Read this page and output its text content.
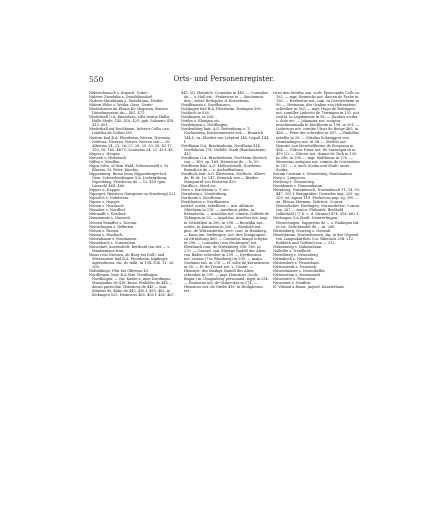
550	Orts- und Personenregister.

Niderschonach s. Kunach, Unter-.

Niderer Zwiefalta s. Zwiefaltendorf.

Nydern-Steinbrunn s. Steinbrunn, Nieder.

Nidern Wiler s. Weiler, Oase, Unter-.

Niederbrunn im Elsass Kr. Hagenau, Bursen. Dieselmaussen de— 461. 471.

Niederhall O.A. Künzelsau, villa Irratio Hallis, Halle Strife. 145. 418. 425. gab. Salzaurc 418. 415. 601.

Niederhall auf Rechbaum, Inferior Cellis can. Libritha de Gothio 503.

Niefern bad B.A. Pforzheim, Nivren, Nivernia, Nehlosa, Niveren, Neiver. Nerron can — 26. Albertus 24, 25, 26, 27, 28. 29. 30. 28, 43 17, 150. 16. 160. 467 f. Conradus 24, 25. 43 f. 48.

Nieper s. Neuper.

Niessen s. Hirtzbach.

Niffen s. Neuffen.

Nigra Silva, of dem Wald, Schwarzwald s. St. Blasien, St. Peter, Kniebis.

Nippenburg, Burse beim Nippenburger-hof, Gem. Schwieberdingen O.A. Ludwigsburg. Nipenburg, Friedricus de — 12. 418 (gen. Lamech) 464. 466.

Nipper s. Nepper.

Nipseger, Henricus (burgensis in Strasburg) 521.

Nipselch s. Nofelstein.

Nipser s. Nepper.

Nissen s. Nussbach.

Nissaher s. Nordhof.

Nimmaflt s. Nordsee.

Niemmwatt s. Nunweil.

Nessen Sanaffer s. Noeum.

Nieverlingen s. Nifferten.

Nissen s. Nissen.

Nissen s. Nissbach.

Nissenbaum s. Neuhausen.

Nissenbach s. Nonnestein.

Niessstatt, unermittelt. Berthold von der — s. Mindermann frau.

Nisas (von Niessen, ob Burg bei Döll), and Wiesenstein bad B.A. Pforzheim, Kipfinger Agriculturus. dic. de milit. in 154. 504. 11. 26. 306.

Nidhildinge, Ffar bei Offersen 43.

Nördlingen, bair. B.A.Stat. Nordlingen, Nordlingen. — chr. Kadre a. mier Kreifingas. Marquadus de 418. Kuno, Rudolfus de 445 — decan parrochie. Heinricus de 445 — min. Sibritus ds. Kuko de 445. 456 f. 459. 465. in Eickingen 525. Heinricus 465. 456 f. 455. 467.

445. (6). Heinrich, Ccuradus in 445. — Conradus de — s. Hall etc.; Fridericus ie — Sinctemnis dric.; miser Heliopolis d. Rosenheim.

Nordhausen s. Nordhausen.

Nottingen bad B.A. Pforzheim, Netingen 596.

Nottloch in 538.

Nordingen, in 538.

Noehn o. Ehingen etc.

Nordeingen s. Nördlingen.

Nordenberg bair. A.G. Rottenburg a. T., Norbinberg. Kirchenmeister von — Heinrich 144 f.; ux. Eberlet von Lörprud 144. Lüpolt 144 f.

Nordhaim O.A. Brackenheim, Nordheim 414. Nortlsheim 174. Vorbild. Stadt (Brackenheim) 415.

Nordheim O.A. Brackenheim, Northeim Dietrich von — 169. ep. 169. Heinricus de — ls. 59.

Nordheim bair. A.G. Mellrichstadt, Northeim. Benedicte de — s. Aschaffenburg.

Nordholz bair. A.G. Illertissen, Northolz. Albert de, Et dr. 1a. 147. Heinrich von — Bruder. Marquartd von Erolstein 420.

Nordlin s. Mord etc.

Nore s. Kirchheim u. T. etc.

Norinberg s. Nordenburg.

Northeim s. Nordheim.

Norttlassen s. Nordhausen.

notaril, scribe, tabellions — mit. albim in Ofenheim in 276. — Anselmus plebn. in Bebenheim. — Arnoldus not. comitis Gotfridi de Tübingen in 92. — Arnoldus, Arnoltus not. imp. in Zwiefalten in 280. in 298. — Beneldia not., scribe, in Kamiertia in 206. — Berthold not. pinc. de Wittenstetten, rect. cont. in Hamberg. — Kuno um. Surburgen, not. due Dompropste zu Strassburg 469. — Conradus Imaga scriptor in 296. — Conradus (von Neckingen) not. Eberhardi com. de Wirtenberg 508. 565. in 270. — Conrad, can. Marage Rudolf des Alten von Baden schreiber in 299. — Dyethermus not. civium (? in Würzburg) in 299. — magn. Gerlanos not. in 276. — H. solte de Kernenstein in 90. — H. de Treuer not. s. Chonn. — Heinrich, des Markgr. Rudolf des Alten, schreiber in 299. — mgr. Heinricus (scolr. Bognr.) in Clingenberg personand, regis in 254. — Heinricus not. de Grünecker in 374. — Heinricus not. de Grnbe 418. in Heiligbronn ret.

ricus den Streiba can. scolr. Episcopalis Cells ca. 162. — mgr. Heinrichs not. dacten de Teche in 190. — Herbertus not. com. in Gerolzwheim in 90. — Hermann, der Graben von Holtenstein schreiber in 302. — mgr. Hugo de Rottingen not. comiller Ludovici de Tüwingen in 152. not. civitat. in Lugdunenis in 98. — Jacobus scriba s. Sule etc. — Johannes not. scriptor merclimunitalia in Kirchheim in 198. in 301. — Ludevicus not. comitis Ulrici de Bouge 465. in 458. — Peter der schreiber in 857. — Rudolfus tabellio in 35. — Sifridus Schwiggeri von Gemundingen not. in 98. — Strebla not. Heinrici von Merebeltherne de Rosperon in 454. — Ulricus Fober not. de Sarnespurch in 459 (2). — Ulricus not. domus de Teck in 130. In 296, in 298. — mgr. Waltherus in 276. — Wernerius antiquus not. comitis de Löwenstein in 287. — s. auch Scriba und Stadt- unter Scriba.

Notum Castrum s. Neuenbürg; Neufchateau.

Nova s. Lampscus.

Novburg s. Neuenburg.

Nunnbaum s. Nunnenbaum.

Nürnberg, Nuremberch, Nuremberch 11, 14, 93. 447. 505 f. Burggrafen: Conradus imp. 255. sg. 300; ux. Agnes 119. Fridericus imp. sg. 19f. — ux. Elenar, Herman, Viderich, Courat; Hohenlöcher, Herlingen; Nurmirdetter; Conrat (ux. 267 — senior. Philosteli, Berthold (Albertabl.) (? K. c. d. Strasse) 474. 504. 662 f.

Nürtingen O.A.Stadt. Neuwertingen, Nuwertingen, Suppertus de — s. Endingen bsl. et ctc. Zelschraufer de — in. 249.

Nüwenburg. Nuweng s. Neuenb.

Niwenbrunn, Niwersbrunen, stq, in der Gegend von Langenbarthen O.A. Biberach 294. 212. Bohbeth und Gotfried von — 312.

Nukensseig s. Nukensheim.

Nulbolte s. Nendhorf.

Nuwelberg s. Neuenberg.

Nuwakoch s. Nendoch.

Nuwendere s. Neuenbarn.

Nuwenwerk s. Neuwerk.

Nuwenhauser s. Neuenkeller.

Nuwenstein s. Neuenstadt.

Nuwenriet s. Neuenstat.

Nuwentet s. Neuffen.

N. Virland a Roma, pnjeed. Kanslerhaus.
